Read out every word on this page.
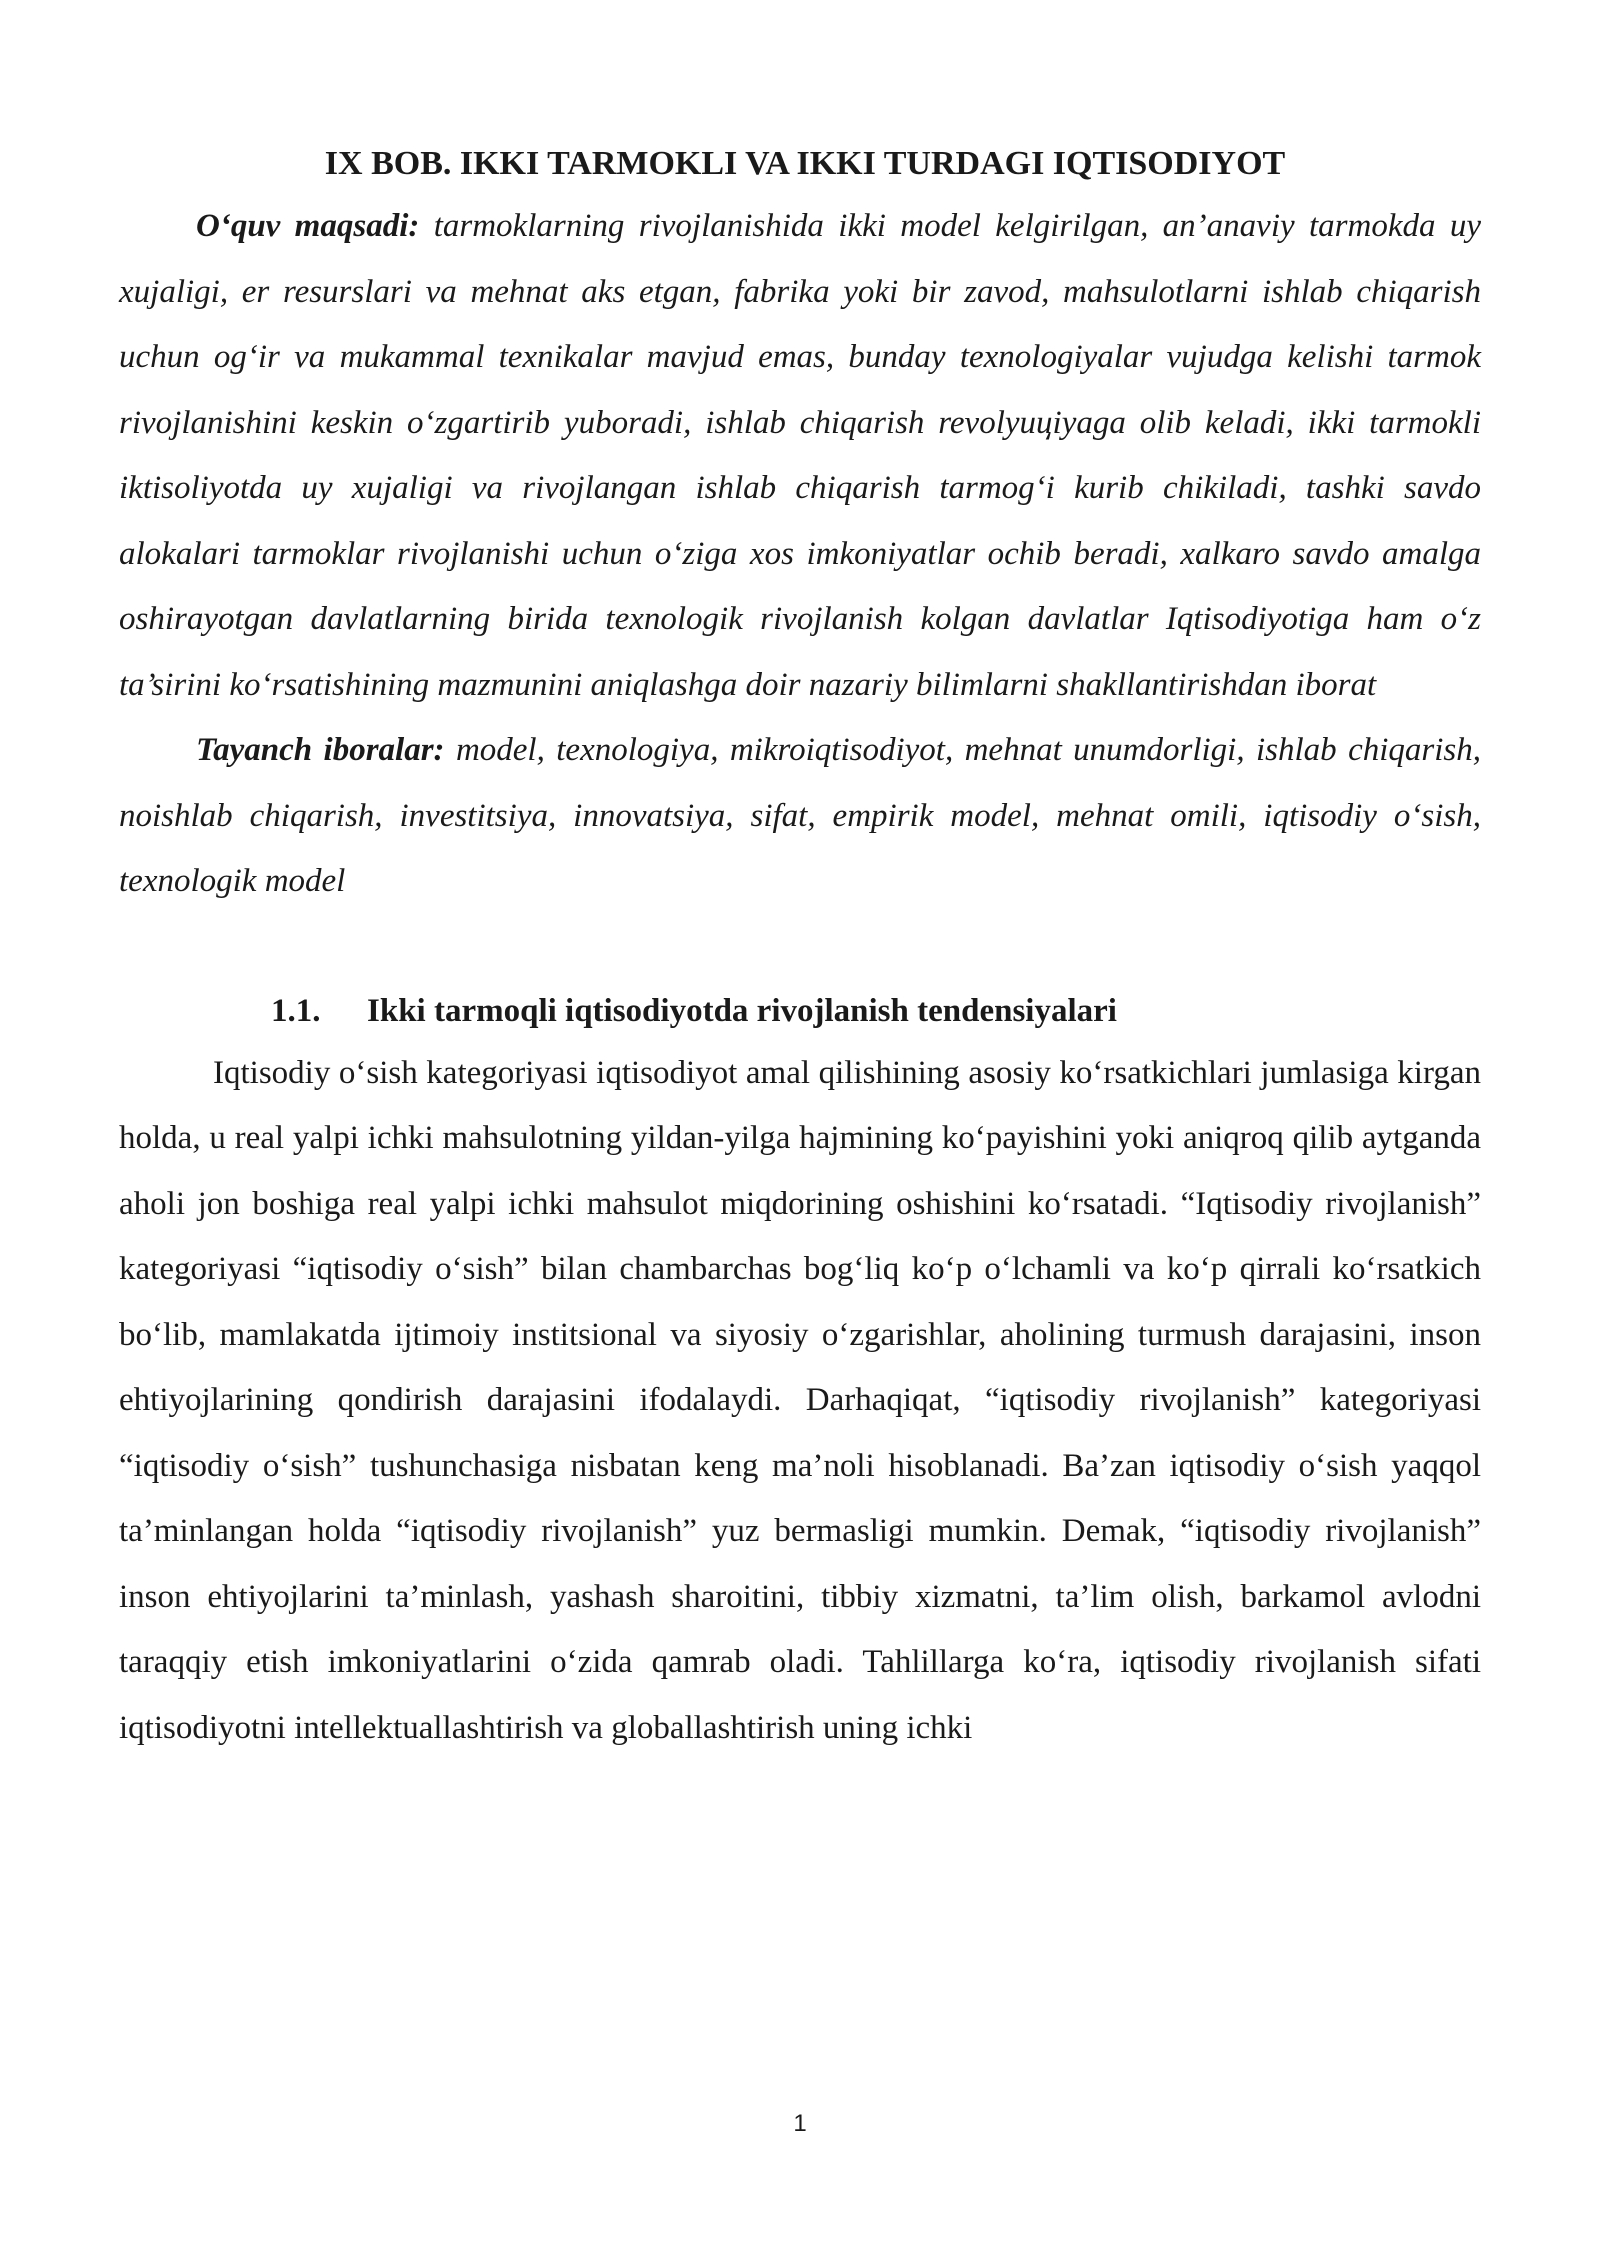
IX BOB. IKKI TARMOKLI VA IKKI TURDAGI IQTISODIYOT

O‘quv maqsadi: tarmoklarning rivojlanishida ikki model kelgirilgan, an’anaviy tarmokda uy xujaligi, er resurslari va mehnat aks etgan, fabrika yoki bir zavod, mahsulotlarni ishlab chiqarish uchun og‘ir va mukammal texnikalar mavjud emas, bunday texnologiyalar vujudga kelishi tarmok rivojlanishini keskin o‘zgartirib yuboradi, ishlab chiqarish revolyuцiyaga olib keladi, ikki tarmokli iktisoliyotda uy xujaligi va rivojlangan ishlab chiqarish tarmog‘i kurib chikiladi, tashki savdo alokalari tarmoklar rivojlanishi uchun o‘ziga xos imkoniyatlar ochib beradi, xalkaro savdo amalga oshirayotgan davlatlarning birida texnologik rivojlanish kolgan davlatlar Iqtisodiyotiga ham o‘z ta’sirini ko‘rsatishining mazmunini aniqlashga doir nazariy bilimlarni shakllantirishdan iborat

Tayanch iboralar: model, texnologiya, mikroiqtisodiyot, mehnat unumdorligi, ishlab chiqarish, noishlab chiqarish, investitsiya, innovatsiya, sifat, empirik model, mehnat omili, iqtisodiy o‘sish, texnologik model

1.1. Ikki tarmoqli iqtisodiyotda rivojlanish tendensiyalari

Iqtisodiy o‘sish kategoriyasi iqtisodiyot amal qilishining asosiy ko‘rsatkichlari jumlasiga kirgan holda, u real yalpi ichki mahsulotning yildan-yilga hajmining ko‘payishini yoki aniqroq qilib aytganda aholi jon boshiga real yalpi ichki mahsulot miqdorining oshishini ko‘rsatadi. “Iqtisodiy rivojlanish” kategoriyasi “iqtisodiy o‘sish” bilan chambarchas bog‘liq ko‘p o‘lchamli va ko‘p qirrali ko‘rsatkich bo‘lib, mamlakatda ijtimoiy institsional va siyosiy o‘zgarishlar, aholining turmush darajasini, inson ehtiyojlarining qondirish darajasini ifodalaydi. Darhaqiqat, “iqtisodiy rivojlanish” kategoriyasi “iqtisodiy o‘sish” tushunchasiga nisbatan keng ma’noli hisoblanadi. Ba’zan iqtisodiy o‘sish yaqqol ta’minlangan holda “iqtisodiy rivojlanish” yuz bermasligi mumkin. Demak, “iqtisodiy rivojlanish” inson ehtiyojlarini ta’minlash, yashash sharoitini, tibbiy xizmatni, ta’lim olish, barkamol avlodni taraqqiy etish imkoniyatlarini o‘zida qamrab oladi. Tahlillarga ko‘ra, iqtisodiy rivojlanish sifati iqtisodiyotni intellektuallashtirish va globallashtirish uning ichki

1
